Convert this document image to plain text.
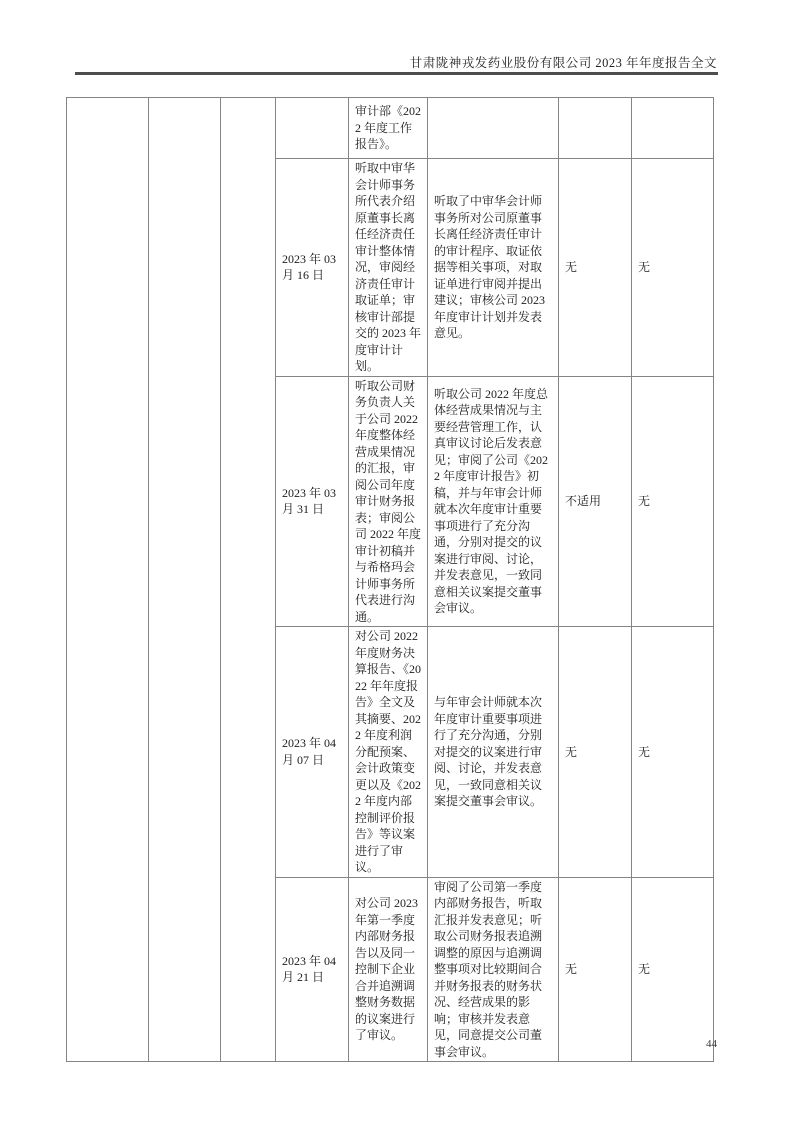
甘肃陇神戎发药业股份有限公司 2023 年年度报告全文
				审计部《2022 年度工作报告》。			
			2023 年 03 月 16 日	听取中审华会计师事务所代表介绍原董事长离任经济责任审计整体情况，审阅经济责任审计取证单；审核审计部提交的 2023 年度审计计划。	听取了中审华会计师事务所对公司原董事长离任经济责任审计的审计程序、取证依据等相关事项，对取证单进行审阅并提出建议；审核公司 2023 年度审计计划并发表意见。	无	无
			2023 年 03 月 31 日	听取公司财务负责人关于公司 2022 年度整体经营成果情况的汇报，审阅公司年度审计财务报表；审阅公司 2022 年度审计初稿并与希格玛会计师事务所代表进行沟通。	听取公司 2022 年度总体经营成果情况与主要经营管理工作，认真审议讨论后发表意见；审阅了公司《2022 年度审计报告》初稿，并与年审会计师就本次年度审计重要事项进行了充分沟通，分别对提交的议案进行审阅、讨论，并发表意见，一致同意相关议案提交董事会审议。	不适用	无
			2023 年 04 月 07 日	对公司 2022 年度财务决算报告、《2022 年年度报告》全文及其摘要、2022 年度利润分配预案、会计政策变更以及《2022 年度内部控制评价报告》等议案进行了审议。	与年审会计师就本次年度审计重要事项进行了充分沟通，分别对提交的议案进行审阅、讨论，并发表意见，一致同意相关议案提交董事会审议。	无	无
			2023 年 04 月 21 日	对公司 2023 年第一季度内部财务报告以及同一控制下企业合并追溯调整财务数据的议案进行了审议。	审阅了公司第一季度内部财务报告，听取汇报并发表意见；听取公司财务报表追溯调整的原因与追溯调整事项对比较期间合并财务报表的财务状况、经营成果的影响；审核并发表意见，同意提交公司董事会审议。	无	无
44
